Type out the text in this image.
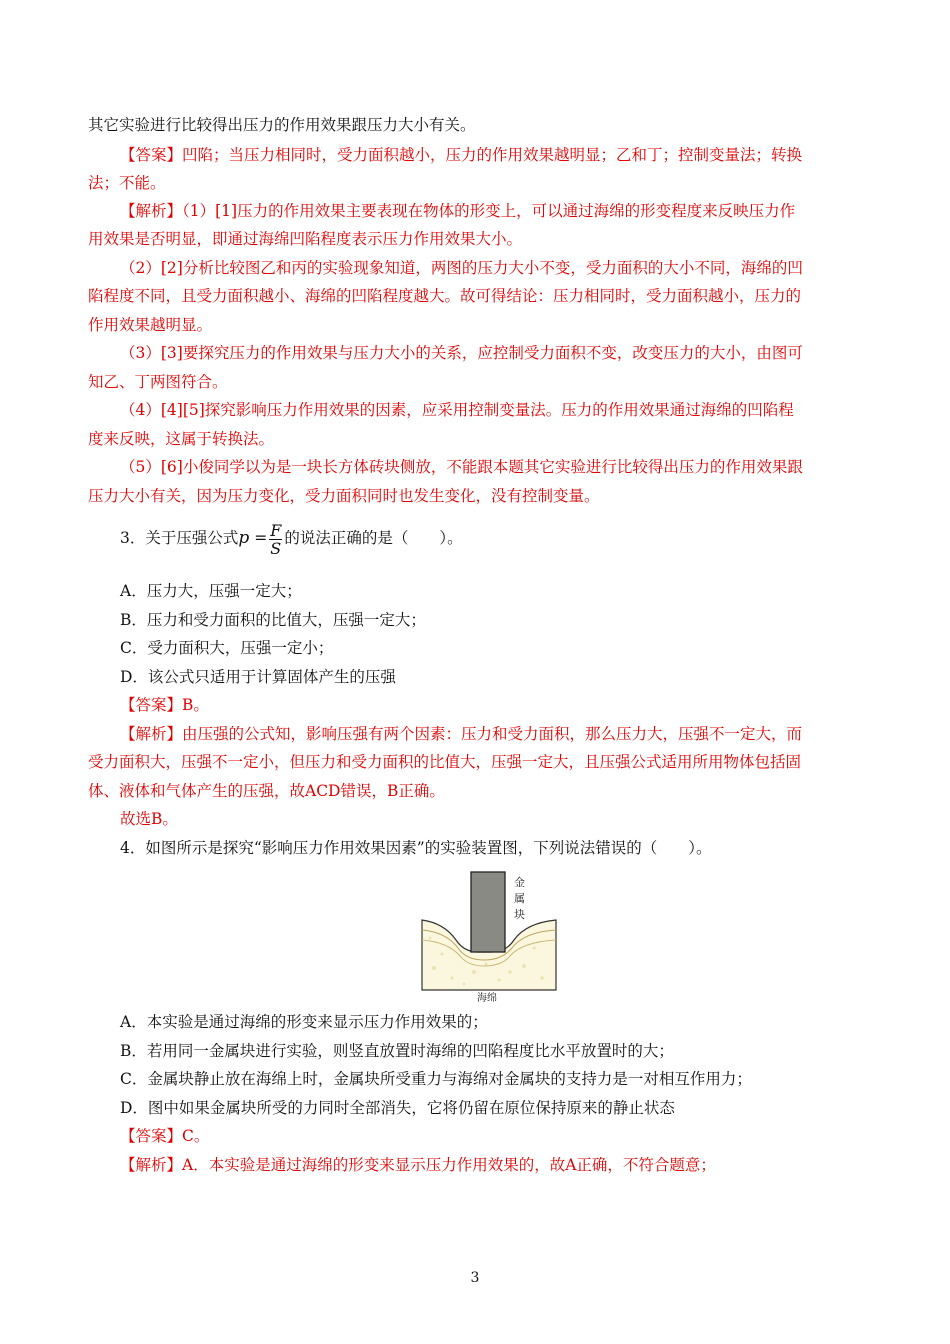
其它实验进行比较得出压力的作用效果跟压力大小有关。
【答案】凹陷；当压力相同时，受力面积越小，压力的作用效果越明显；乙和丁；控制变量法；转换
法；不能。
【解析】（1）[1]压力的作用效果主要表现在物体的形变上，可以通过海绵的形变程度来反映压力作
用效果是否明显，即通过海绵凹陷程度表示压力作用效果大小。
（2）[2]分析比较图乙和丙的实验现象知道，两图的压力大小不变，受力面积的大小不同，海绵的凹
陷程度不同，且受力面积越小、海绵的凹陷程度越大。故可得结论：压力相同时，受力面积越小，压力的
作用效果越明显。
（3）[3]要探究压力的作用效果与压力大小的关系，应控制受力面积不变，改变压力的大小，由图可
知乙、丁两图符合。
（4）[4][5]探究影响压力作用效果的因素，应采用控制变量法。压力的作用效果通过海绵的凹陷程
度来反映，这属于转换法。
（5）[6]小俊同学以为是一块长方体砖块侧放，不能跟本题其它实验进行比较得出压力的作用效果跟
压力大小有关，因为压力变化，受力面积同时也发生变化，没有控制变量。
3．关于压强公式$p = \frac{F}{S}$ 的说法正确的是（　　）。
A．压力大，压强一定大；
B．压力和受力面积的比值大，压强一定大；
C．受力面积大，压强一定小；
D．该公式只适用于计算固体产生的压强
【答案】B。
【解析】由压强的公式知，影响压强有两个因素：压力和受力面积，那么压力大，压强不一定大，而
受力面积大，压强不一定小，但压力和受力面积的比值大，压强一定大，且压强公式适用所用物体包括固
体、液体和气体产生的压强，故ACD错误，B正确。
故选B。
4．如图所示是探究“影响压力作用效果因素”的实验装置图，下列说法错误的（　　）。
A．本实验是通过海绵的形变来显示压力作用效果的；
B．若用同一金属块进行实验，则竖直放置时海绵的凹陷程度比水平放置时的大；
C．金属块静止放在海绵上时，金属块所受重力与海绵对金属块的支持力是一对相互作用力；
D．图中如果金属块所受的力同时全部消失，它将仍留在原位保持原来的静止状态
【答案】C。
【解析】A．本实验是通过海绵的形变来显示压力作用效果的，故A正确，不符合题意；
金
属
块
海绵
3
